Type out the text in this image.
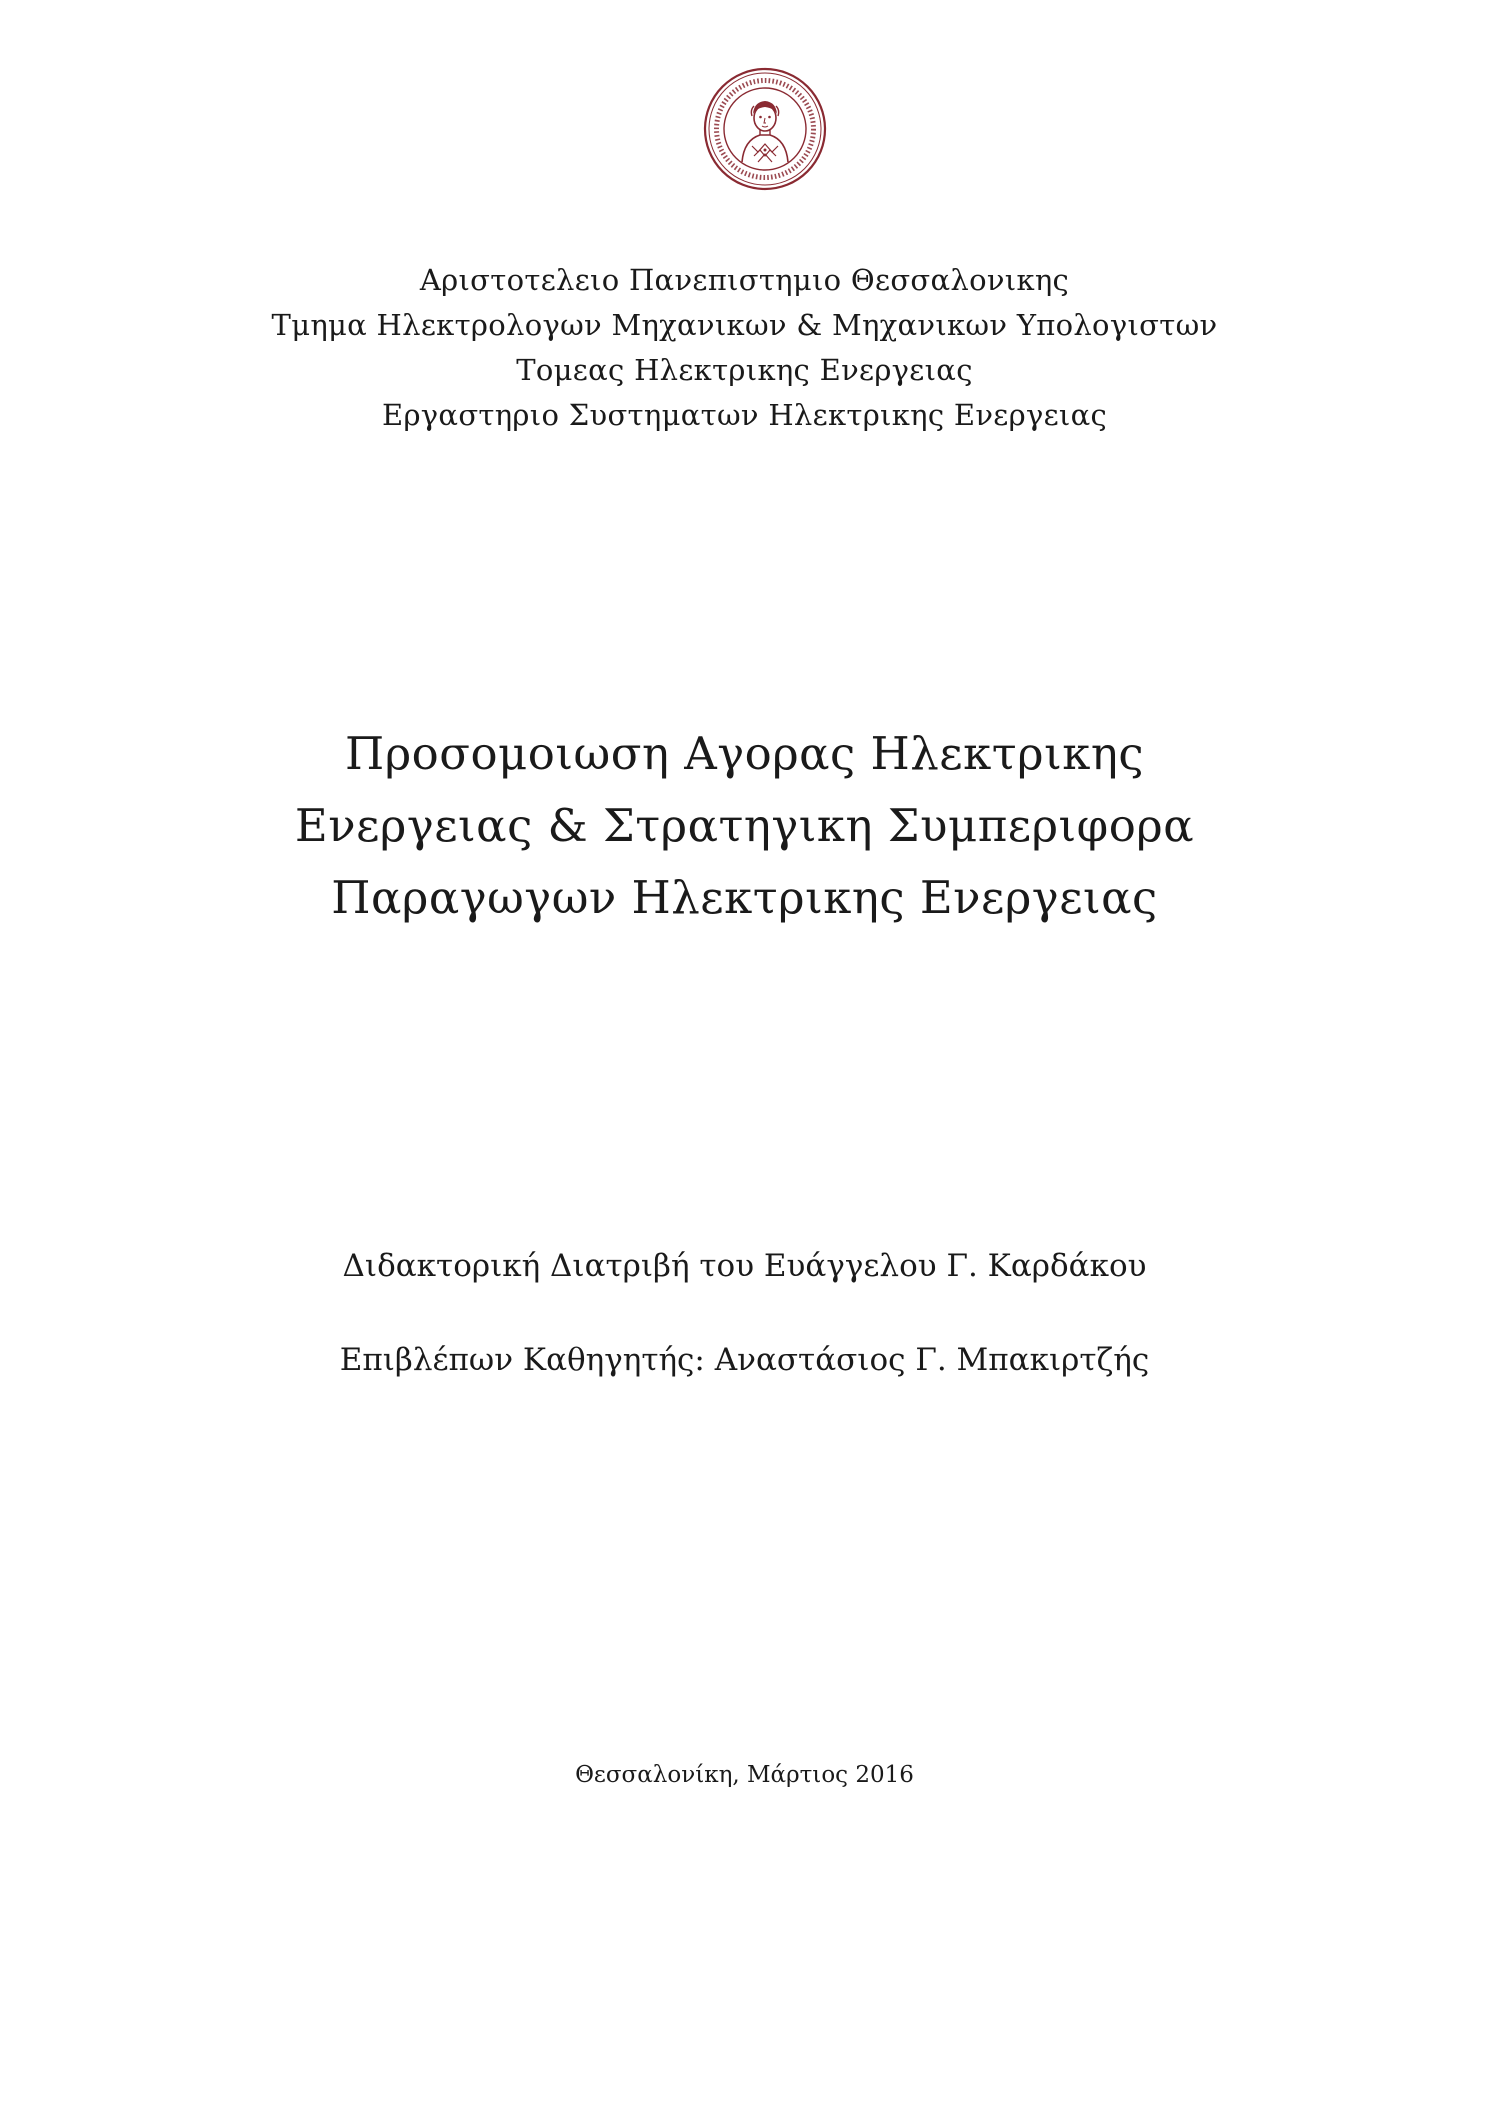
Αριστοτελειο Πανεπιστημιο Θεσσαλονικης
Τμημα Ηλεκτρολογων Μηχανικων & Μηχανικων Υπολογιστων
Τομεας Ηλεκτρικης Ενεργειας
Εργαστηριο Συστηματων Ηλεκτρικης Ενεργειας
Προσομοιωση Αγορας Ηλεκτρικης
Ενεργειας & Στρατηγικη Συμπεριφορα
Παραγωγων Ηλεκτρικης Ενεργειας
Διδακτορική Διατριβή του Ευάγγελου Γ. Καρδάκου
Επιβλέπων Καθηγητής: Αναστάσιος Γ. Μπακιρτζής
Θεσσαλονίκη, Μάρτιος 2016
